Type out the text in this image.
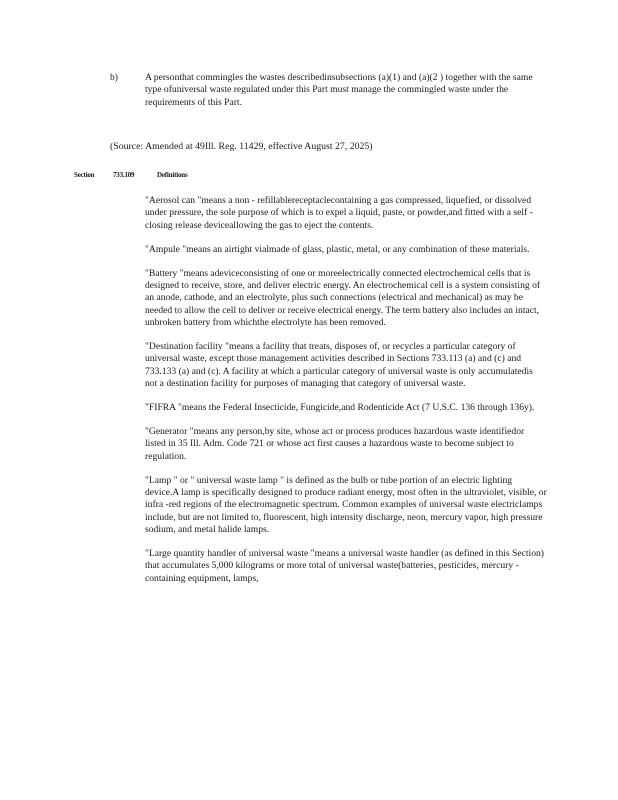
b)	A personthat commingles the wastes describedinsubsections (a)(1) and (a)(2 ) together with the same type ofuniversal waste regulated under this Part must manage the commingled waste under the requirements of this Part.
(Source: Amended at 49Ill. Reg. 11429, effective August 27, 2025)
Section	733.109	Definitions

"Aerosol can "means a non - refillablereceptaclecontaining a gas compressed, liquefied, or dissolved under pressure, the sole purpose of which is to expel a liquid, paste, or powder,and fitted with a self - closing release deviceallowing the gas to eject the contents.

"Ampule "means an airtight vialmade of glass, plastic, metal, or any combination of these materials.

"Battery "means adeviceconsisting of one or moreelectrically connected electrochemical cells that is designed to receive, store, and deliver electric energy. An electrochemical cell is a system consisting of an anode, cathode, and an electrolyte, plus such connections (electrical and mechanical) as may be needed to allow the cell to deliver or receive electrical energy. The term battery also includes an intact, unbroken battery from whichthe electrolyte has been removed.

"Destination facility "means a facility that treats, disposes of, or recycles a particular category of universal waste, except those management activities described in Sections 733.113 (a) and (c) and 733.133 (a) and (c). A facility at which a particular category of universal waste is only accumulatedis not a destination facility for purposes of managing that category of universal waste.

"FIFRA "means the Federal Insecticide, Fungicide,and Rodenticide Act (7 U.S.C. 136 through 136y).

"Generator "means any person,by site, whose act or process produces hazardous waste identifiedor listed in 35 Ill. Adm. Code 721 or whose act first causes a hazardous waste to become subject to regulation.

"Lamp " or " universal waste lamp " is defined as the bulb or tube portion of an electric lighting device.A lamp is specifically designed to produce radiant energy, most often in the ultraviolet, visible, or infra -red regions of the electromagnetic spectrum. Common examples of universal waste electriclamps include, but are not limited to, fluorescent, high intensity discharge, neon, mercury vapor, high pressure sodium, and metal halide lamps.

"Large quantity handler of universal waste "means a universal waste handler (as defined in this Section) that accumulates 5,000 kilograms or more total of universal waste(batteries, pesticides, mercury - containing equipment, lamps,
